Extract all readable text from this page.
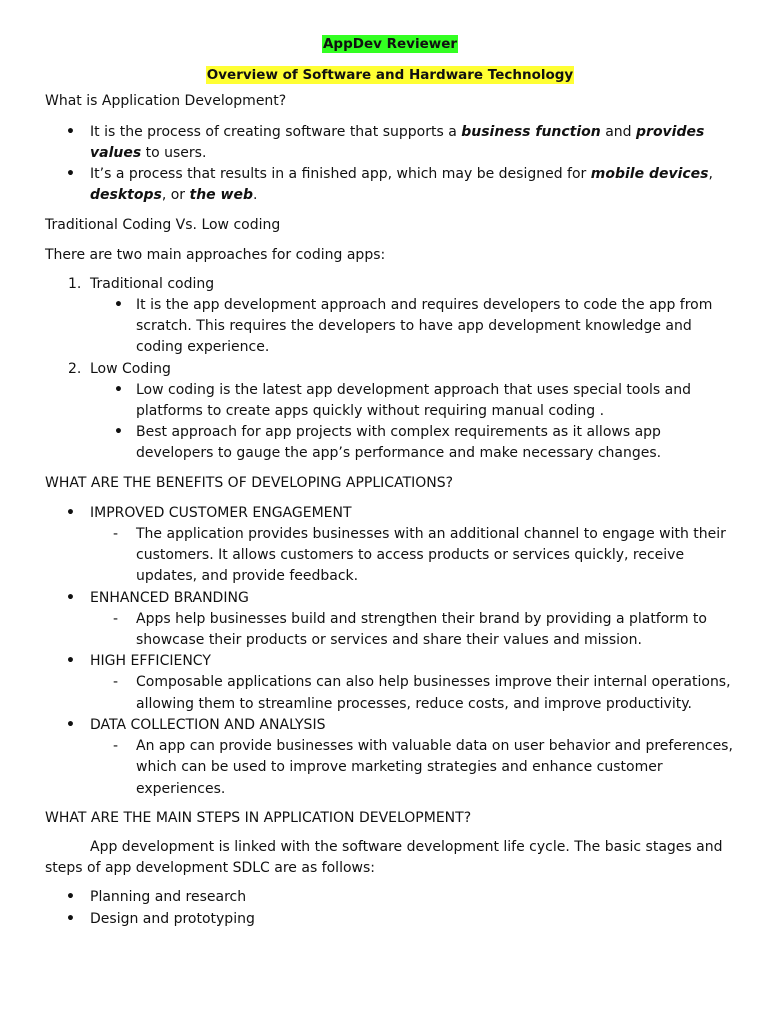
AppDev Reviewer
Overview of Software and Hardware Technology

What is Application Development?

• It is the process of creating software that supports a business function and provides values to users.
• It’s a process that results in a finished app, which may be designed for mobile devices, desktops, or the web.

Traditional Coding Vs. Low coding

There are two main approaches for coding apps:

1. Traditional coding
• It is the app development approach and requires developers to code the app from scratch. This requires the developers to have app development knowledge and coding experience.
2. Low Coding
• Low coding is the latest app development approach that uses special tools and platforms to create apps quickly without requiring manual coding .
• Best approach for app projects with complex requirements as it allows app developers to gauge the app’s performance and make necessary changes.

WHAT ARE THE BENEFITS OF DEVELOPING APPLICATIONS?

• IMPROVED CUSTOMER ENGAGEMENT
- The application provides businesses with an additional channel to engage with their customers. It allows customers to access products or services quickly, receive updates, and provide feedback.
• ENHANCED BRANDING
- Apps help businesses build and strengthen their brand by providing a platform to showcase their products or services and share their values and mission.
• HIGH EFFICIENCY
- Composable applications can also help businesses improve their internal operations, allowing them to streamline processes, reduce costs, and improve productivity.
• DATA COLLECTION AND ANALYSIS
- An app can provide businesses with valuable data on user behavior and preferences, which can be used to improve marketing strategies and enhance customer experiences.

WHAT ARE THE MAIN STEPS IN APPLICATION DEVELOPMENT?

App development is linked with the software development life cycle. The basic stages and steps of app development SDLC are as follows:

• Planning and research
• Design and prototyping
